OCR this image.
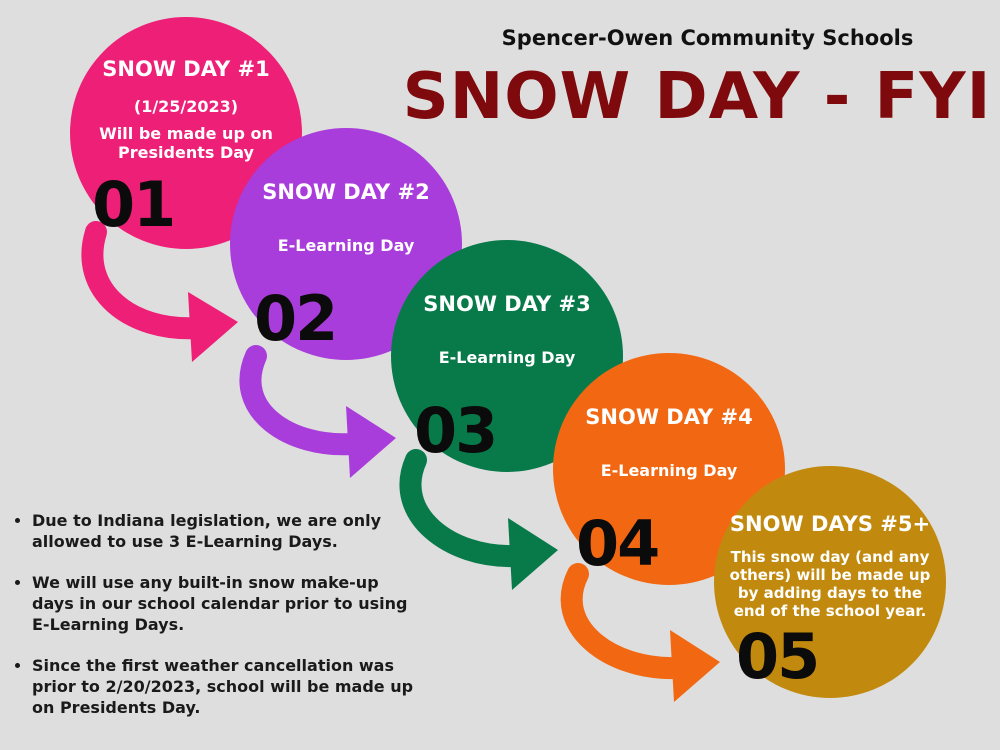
Spencer-Owen Community Schools
SNOW DAY - FYI
SNOW DAY #1
(1/25/2023)
Will be made up on Presidents Day
01	SNOW DAY #2
E-Learning Day
02	SNOW DAY #3
E-Learning Day
03	SNOW DAY #4
E-Learning Day
04	SNOW DAYS #5+
This snow day (and any others) will be made up by adding days to the end of the school year.
05
• Due to Indiana legislation, we are only allowed to use 3 E-Learning Days.
• We will use any built-in snow make-up days in our school calendar prior to using E-Learning Days.
• Since the first weather cancellation was prior to 2/20/2023, school will be made up on Presidents Day.
